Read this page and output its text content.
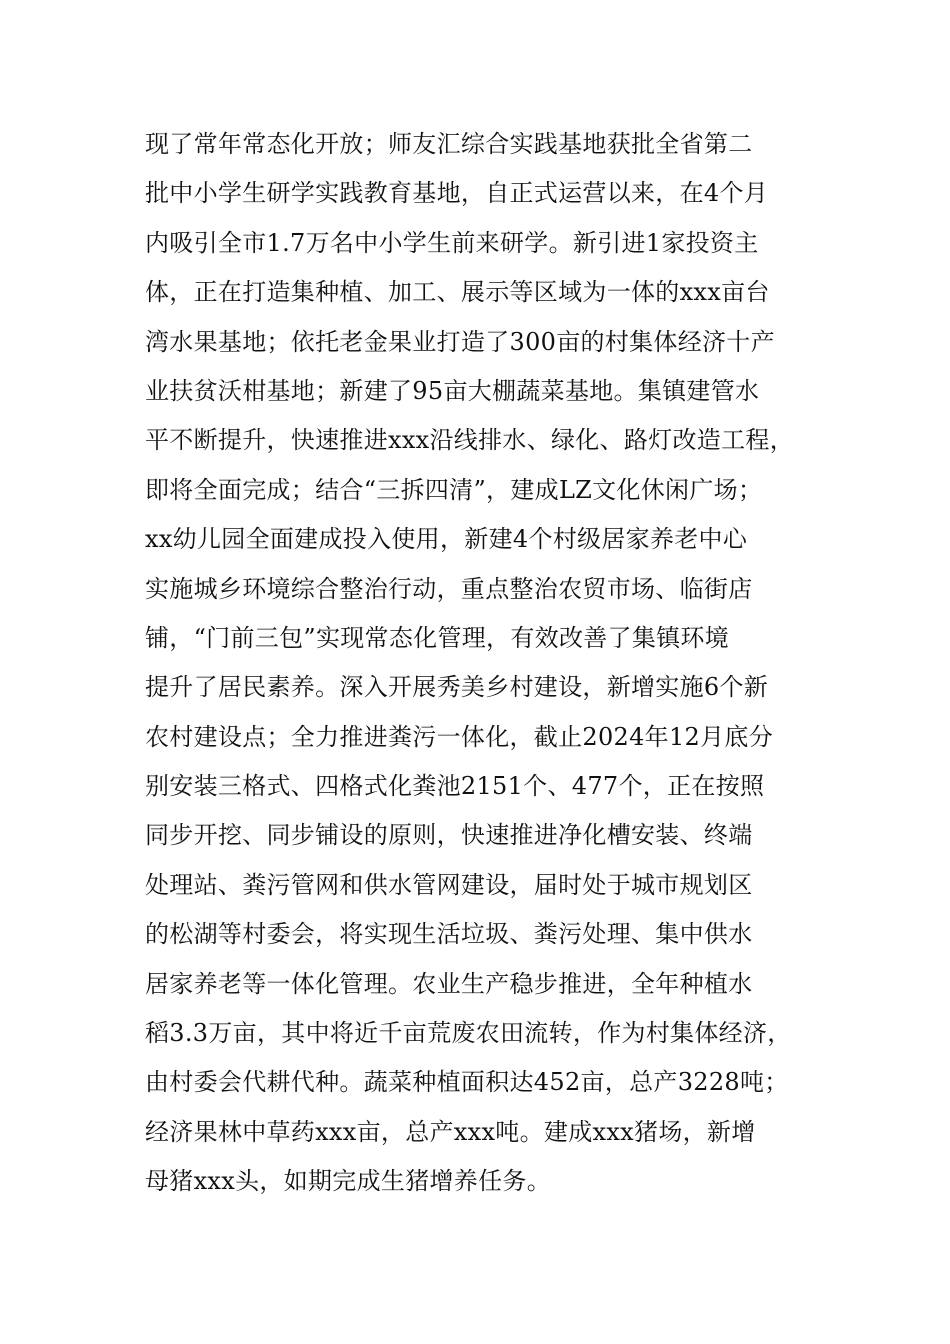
现了常年常态化开放；师友汇综合实践基地获批全省第二
批中小学生研学实践教育基地，自正式运营以来，在4个月
内吸引全市1.7万名中小学生前来研学。新引进1家投资主
体，正在打造集种植、加工、展示等区域为一体的xxx亩台
湾水果基地；依托老金果业打造了300亩的村集体经济十产
业扶贫沃柑基地；新建了95亩大棚蔬菜基地。集镇建管水
平不断提升，快速推进xxx沿线排水、绿化、路灯改造工程，
即将全面完成；结合“三拆四清”，建成LZ文化休闲广场；
xx幼儿园全面建成投入使用，新建4个村级居家养老中心
实施城乡环境综合整治行动，重点整治农贸市场、临街店
铺，“门前三包”实现常态化管理，有效改善了集镇环境
提升了居民素养。深入开展秀美乡村建设，新增实施6个新
农村建设点；全力推进粪污一体化，截止2024年12月底分
别安装三格式、四格式化粪池2151个、477个，正在按照
同步开挖、同步铺设的原则，快速推进净化槽安装、终端
处理站、粪污管网和供水管网建设，届时处于城市规划区
的松湖等村委会，将实现生活垃圾、粪污处理、集中供水
居家养老等一体化管理。农业生产稳步推进，全年种植水
稻3.3万亩，其中将近千亩荒废农田流转，作为村集体经济，
由村委会代耕代种。蔬菜种植面积达452亩，总产3228吨；
经济果林中草药xxx亩，总产xxx吨。建成xxx猪场，新增
母猪xxx头，如期完成生猪增养任务。
